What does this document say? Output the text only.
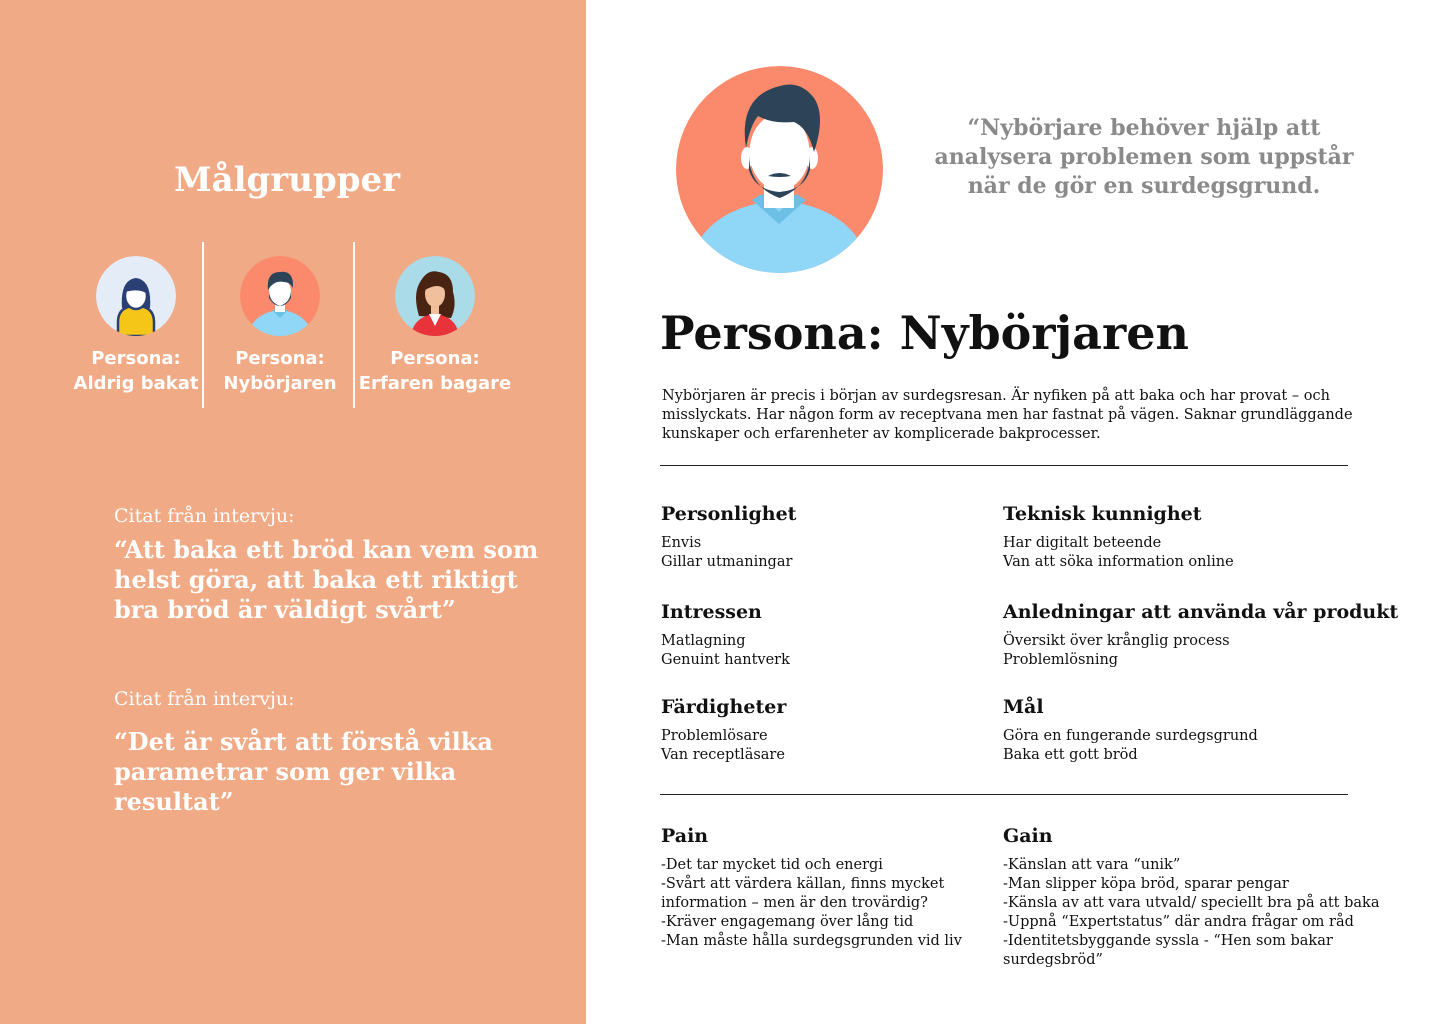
Målgrupper
Persona:
Aldrig bakat
Persona:
Nybörjaren
Persona:
Erfaren bagare
Citat från intervju:
“Att baka ett bröd kan vem som helst göra, att baka ett riktigt bra bröd är väldigt svårt”
Citat från intervju:
“Det är svårt att förstå vilka parametrar som ger vilka resultat”
“Nybörjare behöver hjälp att analysera problemen som uppstår när de gör en surdegsgrund.
Persona: Nybörjaren
Nybörjaren är precis i början av surdegsresan. Är nyfiken på att baka och har provat – och misslyckats. Har någon form av receptvana men har fastnat på vägen. Saknar grundläggande kunskaper och erfarenheter av komplicerade bakprocesser.
Personlighet
Envis
Gillar utmaningar
Teknisk kunnighet
Har digitalt beteende
Van att söka information online
Intressen
Matlagning
Genuint hantverk
Anledningar att använda vår produkt
Översikt över krånglig process
Problemlösning
Färdigheter
Problemlösare
Van receptläsare
Mål
Göra en fungerande surdegsgrund
Baka ett gott bröd
Pain
-Det tar mycket tid och energi
-Svårt att värdera källan, finns mycket information – men är den trovärdig?
-Kräver engagemang över lång tid
-Man måste hålla surdegsgrunden vid liv
Gain
-Känslan att vara “unik”
-Man slipper köpa bröd, sparar pengar
-Känsla av att vara utvald/ speciellt bra på att baka
-Uppnå “Expertstatus” där andra frågar om råd
-Identitetsbyggande syssla - “Hen som bakar surdegsbröd”
